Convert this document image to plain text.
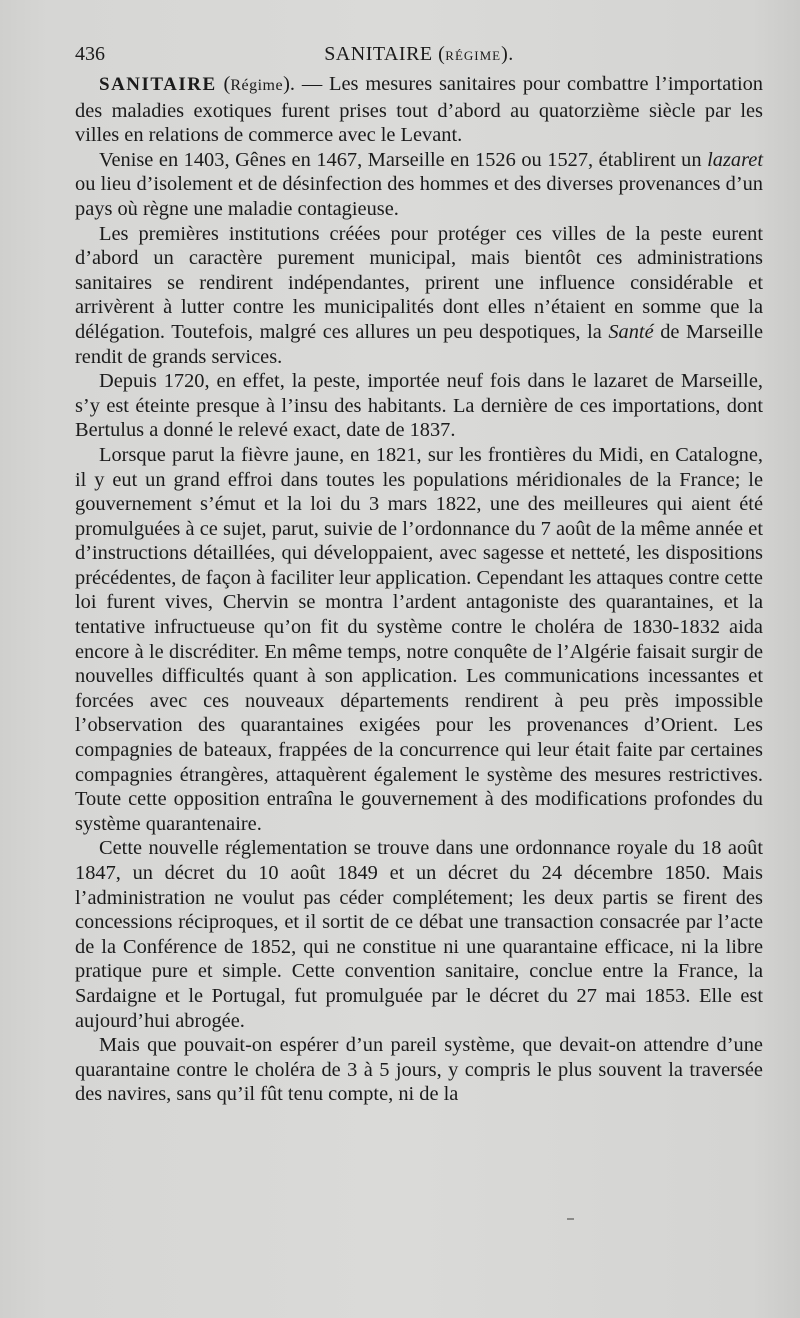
436	SANITAIRE (RÉGIME).

SANITAIRE (Régime). — Les mesures sanitaires pour combattre l’importation des maladies exotiques furent prises tout d’abord au quatorzième siècle par les villes en relations de commerce avec le Levant.

Venise en 1403, Gênes en 1467, Marseille en 1526 ou 1527, établirent un lazaret ou lieu d’isolement et de désinfection des hommes et des diverses provenances d’un pays où règne une maladie contagieuse.

Les premières institutions créées pour protéger ces villes de la peste eurent d’abord un caractère purement municipal, mais bientôt ces administrations sanitaires se rendirent indépendantes, prirent une influence considérable et arrivèrent à lutter contre les municipalités dont elles n’étaient en somme que la délégation. Toutefois, malgré ces allures un peu despotiques, la Santé de Marseille rendit de grands services.

Depuis 1720, en effet, la peste, importée neuf fois dans le lazaret de Marseille, s’y est éteinte presque à l’insu des habitants. La dernière de ces importations, dont Bertulus a donné le relevé exact, date de 1837.

Lorsque parut la fièvre jaune, en 1821, sur les frontières du Midi, en Catalogne, il y eut un grand effroi dans toutes les populations méridionales de la France; le gouvernement s’émut et la loi du 3 mars 1822, une des meilleures qui aient été promulguées à ce sujet, parut, suivie de l’ordonnance du 7 août de la même année et d’instructions détaillées, qui développaient, avec sagesse et netteté, les dispositions précédentes, de façon à faciliter leur application. Cependant les attaques contre cette loi furent vives, Chervin se montra l’ardent antagoniste des quarantaines, et la tentative infructueuse qu’on fit du système contre le choléra de 1830-1832 aida encore à le discréditer. En même temps, notre conquête de l’Algérie faisait surgir de nouvelles difficultés quant à son application. Les communications incessantes et forcées avec ces nouveaux départements rendirent à peu près impossible l’observation des quarantaines exigées pour les provenances d’Orient. Les compagnies de bateaux, frappées de la concurrence qui leur était faite par certaines compagnies étrangères, attaquèrent également le système des mesures restrictives. Toute cette opposition entraîna le gouvernement à des modifications profondes du système quarantenaire.

Cette nouvelle réglementation se trouve dans une ordonnance royale du 18 août 1847, un décret du 10 août 1849 et un décret du 24 décembre 1850. Mais l’administration ne voulut pas céder complétement; les deux partis se firent des concessions réciproques, et il sortit de ce débat une transaction consacrée par l’acte de la Conférence de 1852, qui ne constitue ni une quarantaine efficace, ni la libre pratique pure et simple. Cette convention sanitaire, conclue entre la France, la Sardaigne et le Portugal, fut promulguée par le décret du 27 mai 1853. Elle est aujourd’hui abrogée.

Mais que pouvait-on espérer d’un pareil système, que devait-on attendre d’une quarantaine contre le choléra de 3 à 5 jours, y compris le plus souvent la traversée des navires, sans qu’il fût tenu compte, ni de la
